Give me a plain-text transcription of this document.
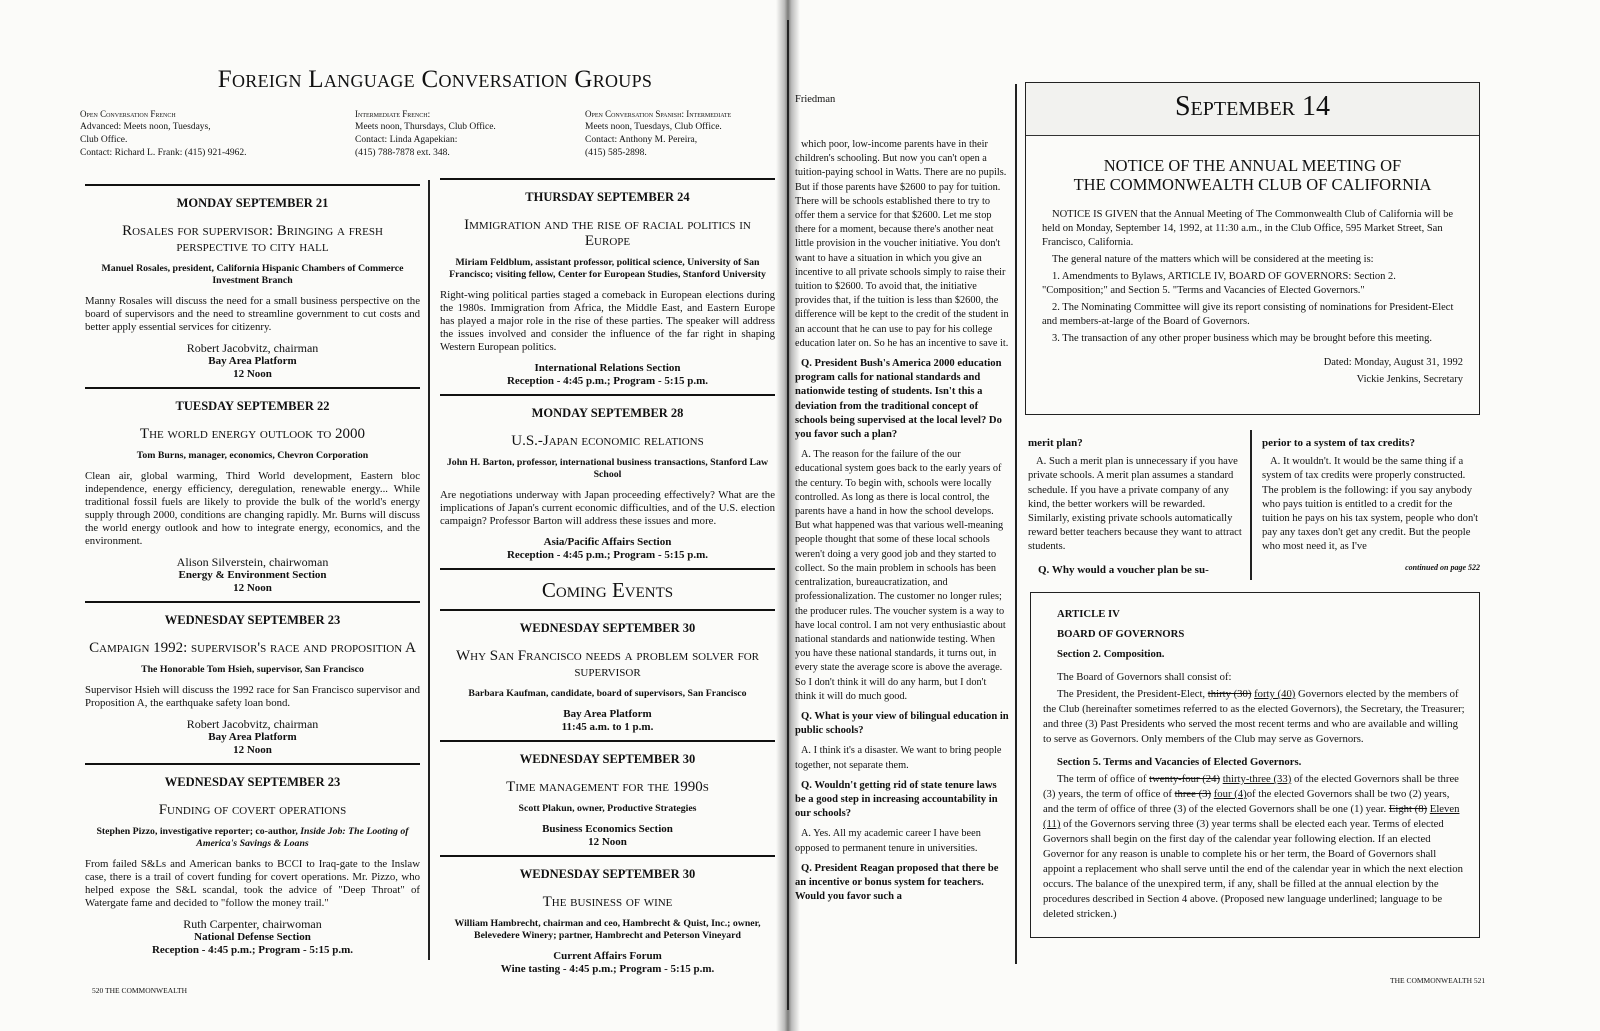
Foreign Language Conversation Groups
Open Conversation French
Advanced: Meets noon, Tuesdays,
Club Office.
Contact: Richard L. Frank: (415) 921-4962.
Intermediate French:
Meets noon, Thursdays, Club Office.
Contact: Linda Agapekian:
(415) 788-7878 ext. 348.
Open Conversation Spanish: Intermediate
Meets noon, Tuesdays, Club Office.
Contact: Anthony M. Pereira,
(415) 585-2898.
MONDAY SEPTEMBER 21
Rosales for supervisor: Bringing a fresh perspective to city hall
Manuel Rosales, president, California Hispanic Chambers of Commerce Investment Branch
Manny Rosales will discuss the need for a small business perspective on the board of supervisors and the need to streamline government to cut costs and better apply essential services for citizenry.
Robert Jacobvitz, chairman
Bay Area Platform
12 Noon
TUESDAY SEPTEMBER 22
The world energy outlook to 2000
Tom Burns, manager, economics, Chevron Corporation
Clean air, global warming, Third World development, Eastern bloc independence, energy efficiency, deregulation, renewable energy... While traditional fossil fuels are likely to provide the bulk of the world's energy supply through 2000, conditions are changing rapidly. Mr. Burns will discuss the world energy outlook and how to integrate energy, economics, and the environment.
Alison Silverstein, chairwoman
Energy & Environment Section
12 Noon
WEDNESDAY SEPTEMBER 23
Campaign 1992: supervisor's race and proposition A
The Honorable Tom Hsieh, supervisor, San Francisco
Supervisor Hsieh will discuss the 1992 race for San Francisco supervisor and Proposition A, the earthquake safety loan bond.
Robert Jacobvitz, chairman
Bay Area Platform
12 Noon
WEDNESDAY SEPTEMBER 23
Funding of covert operations
Stephen Pizzo, investigative reporter; co-author, Inside Job: The Looting of America's Savings & Loans
From failed S&Ls and American banks to BCCI to Iraq-gate to the Inslaw case, there is a trail of covert funding for covert operations. Mr. Pizzo, who helped expose the S&L scandal, took the advice of "Deep Throat" of Watergate fame and decided to "follow the money trail."
Ruth Carpenter, chairwoman
National Defense Section
Reception - 4:45 p.m.; Program - 5:15 p.m.
THURSDAY SEPTEMBER 24
Immigration and the rise of racial politics in Europe
Miriam Feldblum, assistant professor, political science, University of San Francisco; visiting fellow, Center for European Studies, Stanford University
Right-wing political parties staged a comeback in European elections during the 1980s. Immigration from Africa, the Middle East, and Eastern Europe has played a major role in the rise of these parties. The speaker will address the issues involved and consider the influence of the far right in shaping Western European politics.
International Relations Section
Reception - 4:45 p.m.; Program - 5:15 p.m.
MONDAY SEPTEMBER 28
U.S.-Japan economic relations
John H. Barton, professor, international business transactions, Stanford Law School
Are negotiations underway with Japan proceeding effectively? What are the implications of Japan's current economic difficulties, and of the U.S. election campaign? Professor Barton will address these issues and more.
Asia/Pacific Affairs Section
Reception - 4:45 p.m.; Program - 5:15 p.m.
Coming Events
WEDNESDAY SEPTEMBER 30
Why San Francisco needs a problem solver for supervisor
Barbara Kaufman, candidate, board of supervisors, San Francisco
Bay Area Platform
11:45 a.m. to 1 p.m.
WEDNESDAY SEPTEMBER 30
Time management for the 1990s
Scott Plakun, owner, Productive Strategies
Business Economics Section
12 Noon
WEDNESDAY SEPTEMBER 30
The business of wine
William Hambrecht, chairman and ceo, Hambrecht & Quist, Inc.; owner, Belevedere Winery; partner, Hambrecht and Peterson Vineyard
Current Affairs Forum
Wine tasting - 4:45 p.m.; Program - 5:15 p.m.
520 THE COMMONWEALTH
Friedman

which poor, low-income parents have in their children's schooling. But now you can't open a tuition-paying school in Watts. There are no pupils. But if those parents have $2600 to pay for tuition. There will be schools established there to try to offer them a service for that $2600. Let me stop there for a moment, because there's another neat little provision in the voucher initiative. You don't want to have a situation in which you give an incentive to all private schools simply to raise their tuition to $2600. To avoid that, the initiative provides that, if the tuition is less than $2600, the difference will be kept to the credit of the student in an account that he can use to pay for his college education later on. So he has an incentive to save it.

Q. President Bush's America 2000 education program calls for national standards and nationwide testing of students. Isn't this a deviation from the traditional concept of schools being supervised at the local level? Do you favor such a plan?

A. The reason for the failure of the our educational system goes back to the early years of the century. To begin with, schools were locally controlled. As long as there is local control, the parents have a hand in how the school develops. But what happened was that various well-meaning people thought that some of these local schools weren't doing a very good job and they started to collect. So the main problem in schools has been centralization, bureaucratization, and professionalization. The customer no longer rules; the producer rules. The voucher system is a way to have local control. I am not very enthusiastic about national standards and nationwide testing. When you have these national standards, it turns out, in every state the average score is above the average. So I don't think it will do any harm, but I don't think it will do much good.

Q. What is your view of bilingual education in public schools?

A. I think it's a disaster. We want to bring people together, not separate them.

Q. Wouldn't getting rid of state tenure laws be a good step in increasing accountability in our schools?

A. Yes. All my academic career I have been opposed to permanent tenure in universities.

Q. President Reagan proposed that there be an incentive or bonus system for teachers. Would you favor such a

September 14
NOTICE OF THE ANNUAL MEETING OF
THE COMMONWEALTH CLUB OF CALIFORNIA

NOTICE IS GIVEN that the Annual Meeting of The Commonwealth Club of California will be held on Monday, September 14, 1992, at 11:30 a.m., in the Club Office, 595 Market Street, San Francisco, California.

The general nature of the matters which will be considered at the meeting is:

1. Amendments to Bylaws, ARTICLE IV, BOARD OF GOVERNORS: Section 2. "Composition;" and Section 5. "Terms and Vacancies of Elected Governors."

2. The Nominating Committee will give its report consisting of nominations for President-Elect and members-at-large of the Board of Governors.

3. The transaction of any other proper business which may be brought before this meeting.

Dated: Monday, August 31, 1992

Vickie Jenkins, Secretary

merit plan?

A. Such a merit plan is unnecessary if you have private schools. A merit plan assumes a standard schedule. If you have a private company of any kind, the better workers will be rewarded. Similarly, existing private schools automatically reward better teachers because they want to attract students.

Q. Why would a voucher plan be su-
perior to a system of tax credits?

A. It wouldn't. It would be the same thing if a system of tax credits were properly constructed. The problem is the following: if you say anybody who pays tuition is entitled to a credit for the tuition he pays on his tax system, people who don't pay any taxes don't get any credit. But the people who most need it, as I've

continued on page 522
ARTICLE IV
BOARD OF GOVERNORS
Section 2. Composition.

The Board of Governors shall consist of:

The President, the President-Elect, thirty (30) forty (40) Governors elected by the members of the Club (hereinafter sometimes referred to as the elected Governors), the Secretary, the Treasurer; and three (3) Past Presidents who served the most recent terms and who are available and willing to serve as Governors. Only members of the Club may serve as Governors.

Section 5. Terms and Vacancies of Elected Governors.

The term of office of twenty-four (24) thirty-three (33) of the elected Governors shall be three (3) years, the term of office of three (3) four (4)of the elected Governors shall be two (2) years, and the term of office of three (3) of the elected Governors shall be one (1) year. Eight (8) Eleven (11) of the Governors serving three (3) year terms shall be elected each year. Terms of elected Governors shall begin on the first day of the calendar year following election. If an elected Governor for any reason is unable to complete his or her term, the Board of Governors shall appoint a replacement who shall serve until the end of the calendar year in which the next election occurs. The balance of the unexpired term, if any, shall be filled at the annual election by the procedures described in Section 4 above. (Proposed new language underlined; language to be deleted stricken.)

THE COMMONWEALTH 521
